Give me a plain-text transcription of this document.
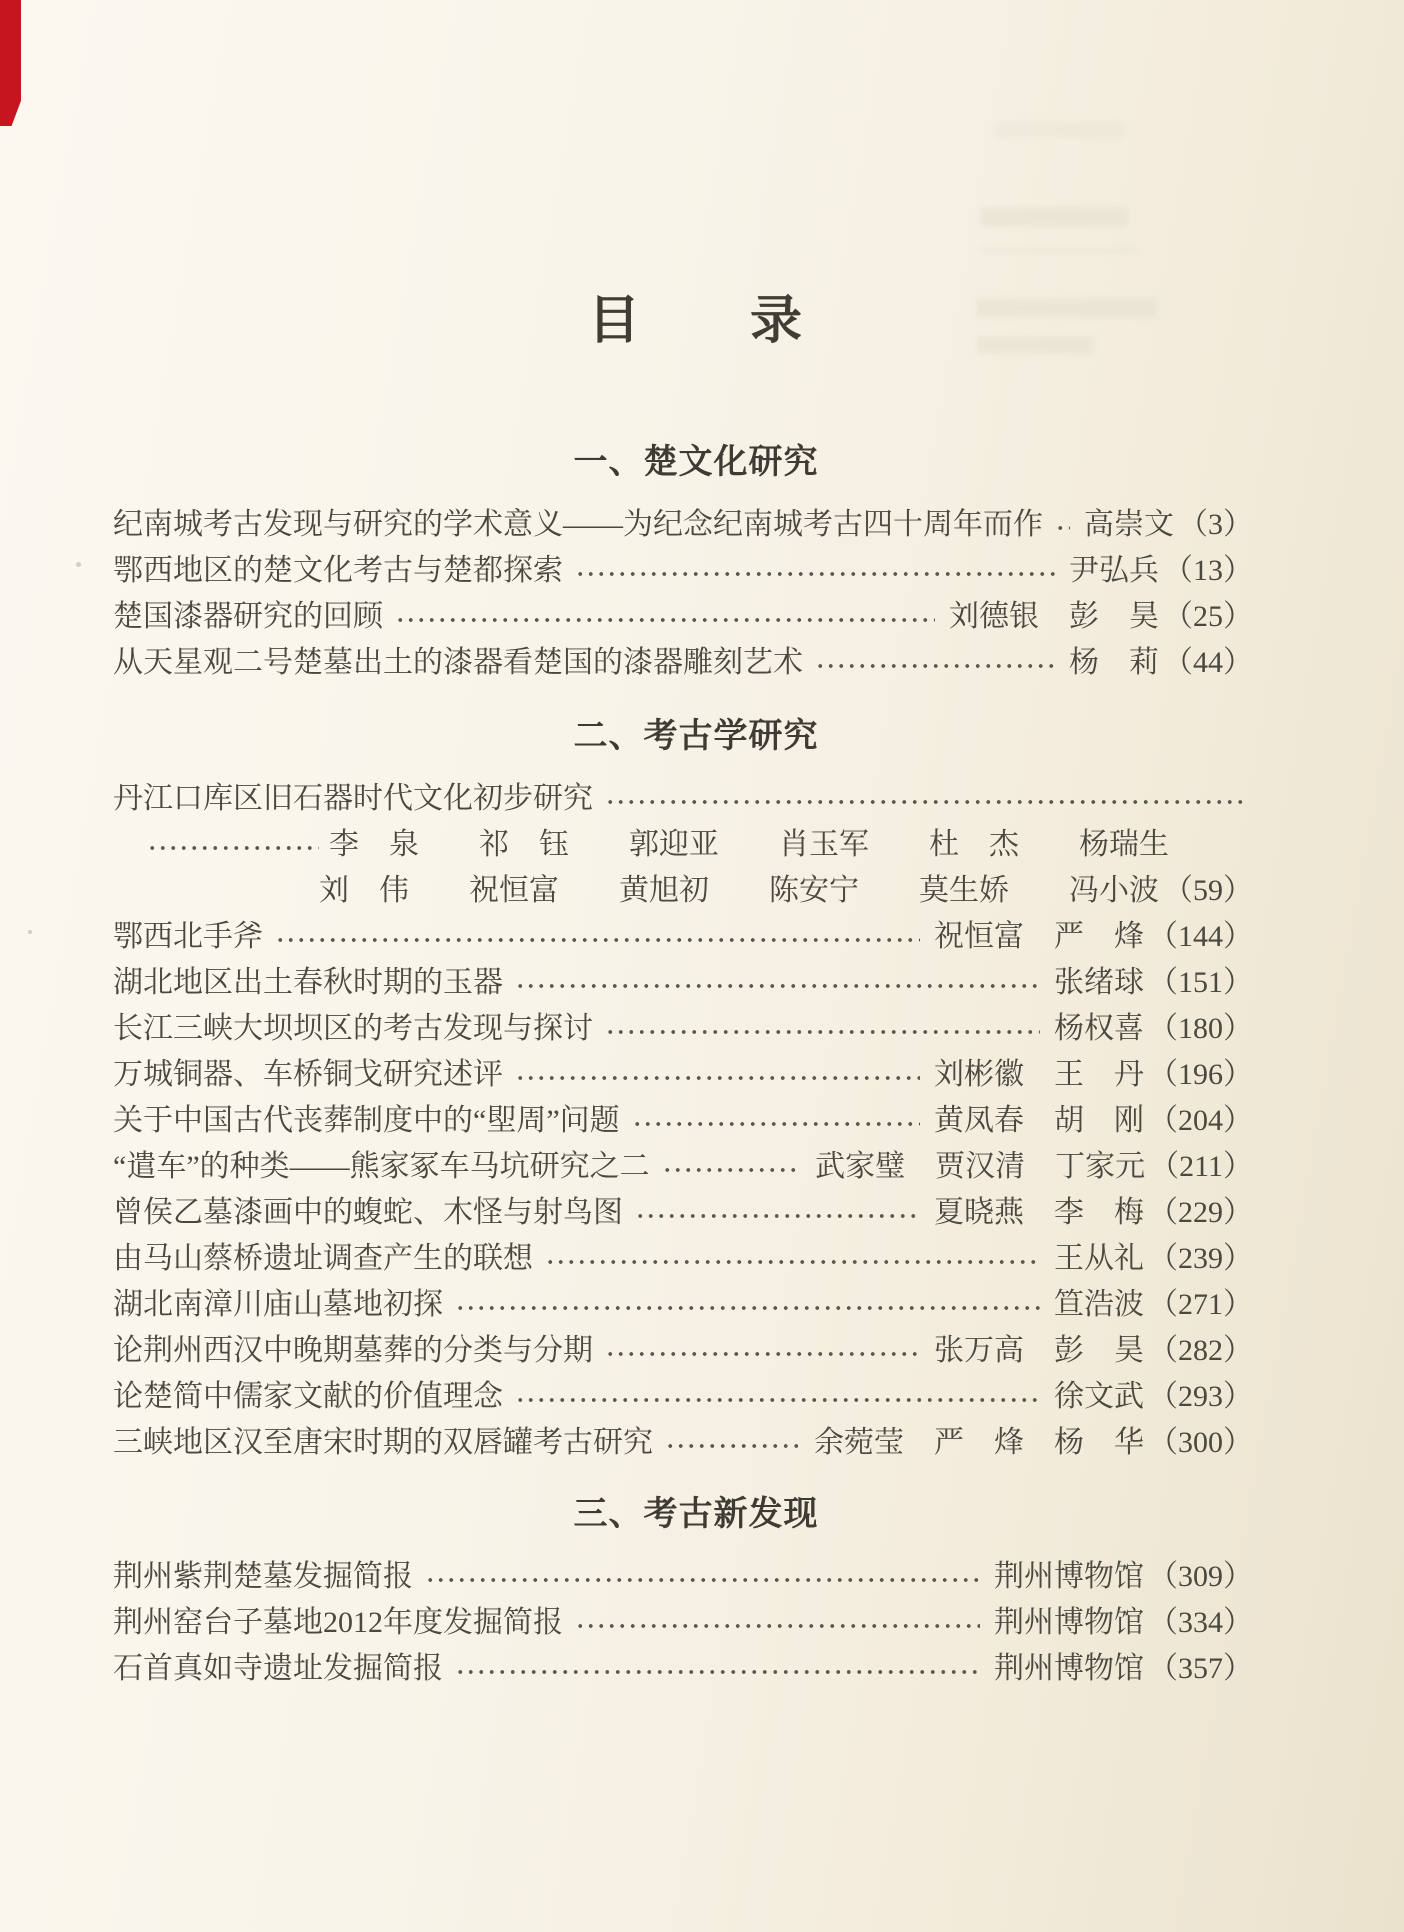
目　　录
一、楚文化研究
纪南城考古发现与研究的学术意义——为纪念纪南城考古四十周年而作 高崇文 （3）
鄂西地区的楚文化考古与楚都探索	尹弘兵 （13）
楚国漆器研究的回顾	刘德银　彭　昊 （25）
从天星观二号楚墓出土的漆器看楚国的漆器雕刻艺术	杨　莉 （44）
二、考古学研究
丹江口库区旧石器时代文化初步研究
李　泉　　祁　钰　　郭迎亚　　肖玉军　　杜　杰　　杨瑞生
刘　伟　　祝恒富　　黄旭初　　陈安宁　　莫生娇　　冯小波 （59）
鄂西北手斧	祝恒富　严　烽 （144）
湖北地区出土春秋时期的玉器	张绪球 （151）
长江三峡大坝坝区的考古发现与探讨	杨权喜 （180）
万城铜器、车桥铜戈研究述评	刘彬徽　王　丹 （196）
关于中国古代丧葬制度中的“堲周”问题	黄凤春　胡　刚 （204）
“遣车”的种类——熊家冢车马坑研究之二	武家璧　贾汉清　丁家元 （211）
曾侯乙墓漆画中的蝮蛇、木怪与射鸟图	夏晓燕　李　梅 （229）
由马山蔡桥遗址调查产生的联想	王从礼 （239）
湖北南漳川庙山墓地初探	笪浩波 （271）
论荆州西汉中晚期墓葬的分类与分期	张万高　彭　昊 （282）
论楚简中儒家文献的价值理念	徐文武 （293）
三峡地区汉至唐宋时期的双唇罐考古研究	余菀莹　严　烽　杨　华 （300）
三、考古新发现
荆州紫荆楚墓发掘简报	荆州博物馆 （309）
荆州窑台子墓地2012年度发掘简报	荆州博物馆 （334）
石首真如寺遗址发掘简报	荆州博物馆 （357）
